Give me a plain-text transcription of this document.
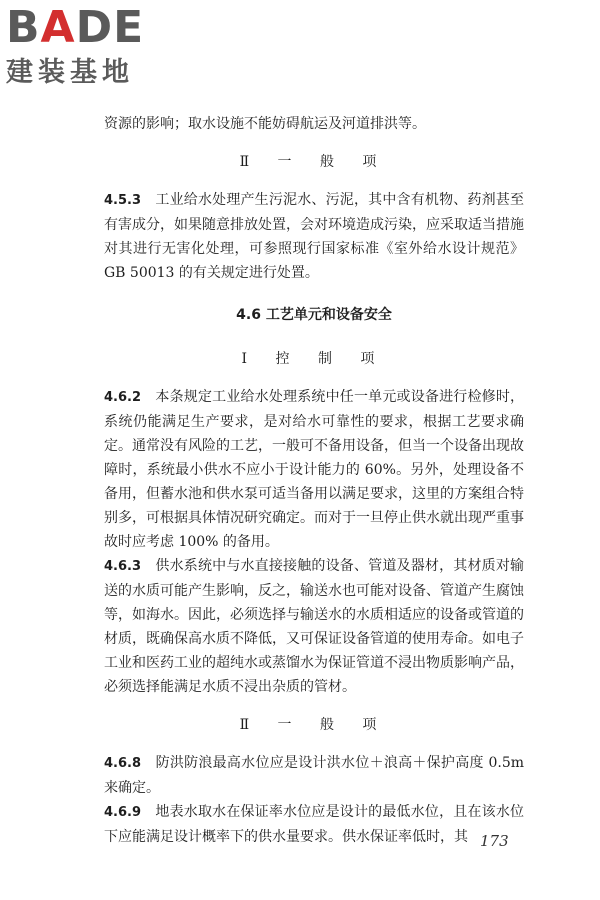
BADE
建装基地

资源的影响；取水设施不能妨碍航运及河道排洪等。

Ⅱ 一 般 项

4.5.3　 工业给水处理产生污泥水、污泥，其中含有机物、药剂甚至有害成分，如果随意排放处置，会对环境造成污染，应采取适当措施对其进行无害化处理，可参照现行国家标准《室外给水设计规范》GB 50013 的有关规定进行处置。

4.6 工艺单元和设备安全
Ⅰ 控 制 项

4.6.2　 本条规定工业给水处理系统中任一单元或设备进行检修时，系统仍能满足生产要求，是对给水可靠性的要求，根据工艺要求确定。通常没有风险的工艺，一般可不备用设备，但当一个设备出现故障时，系统最小供水不应小于设计能力的 60%。另外，处理设备不备用，但蓄水池和供水泵可适当备用以满足要求，这里的方案组合特别多，可根据具体情况研究确定。而对于一旦停止供水就出现严重事故时应考虑 100% 的备用。

4.6.3　 供水系统中与水直接接触的设备、管道及器材，其材质对输送的水质可能产生影响，反之，输送水也可能对设备、管道产生腐蚀等，如海水。因此，必须选择与输送水的水质相适应的设备或管道的材质，既确保高水质不降低，又可保证设备管道的使用寿命。如电子工业和医药工业的超纯水或蒸馏水为保证管道不浸出物质影响产品，必须选择能满足水质不浸出杂质的管材。

Ⅱ 一 般 项

4.6.8　 防洪防浪最高水位应是设计洪水位＋浪高＋保护高度 0.5m 来确定。

4.6.9　 地表水取水在保证率水位应是设计的最低水位，且在该水位下应能满足设计概率下的供水量要求。供水保证率低时，其 173
